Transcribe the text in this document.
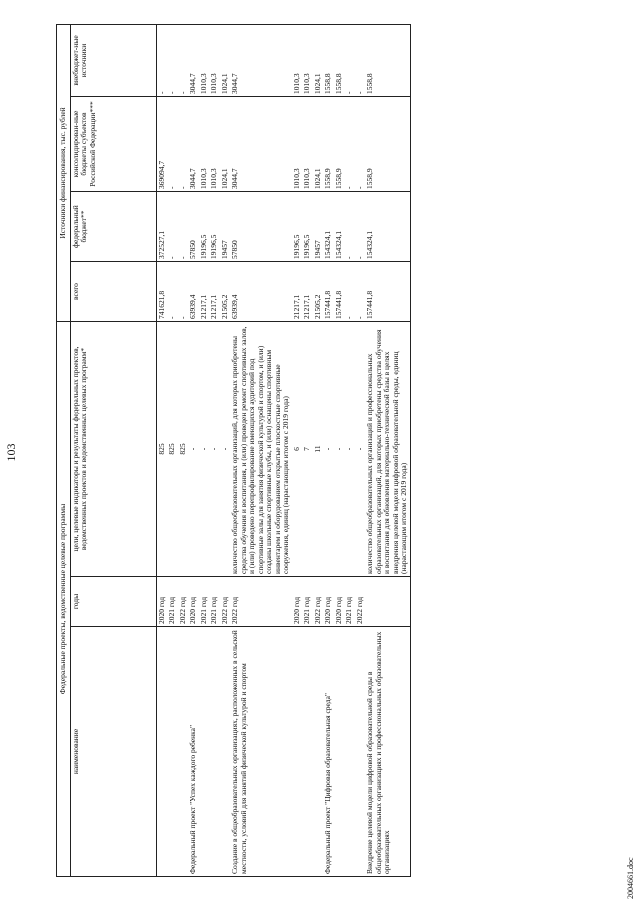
103
Федеральные проекты, ведомственные целевые программы			Источники финансирования, тыс. рублей			
наименование	годы	цели, целевые индикаторы и результаты федеральных проектов, ведомственных проектов и ведомственных целевых программ*	всего	федеральный бюджет**	консолидирован-ные бюджеты субъектов Российской Федерации***	внебюджет-ные источники
	2020 год	825	741621,8	372527,1	369094,7	-
	2021 год	825	-	-	-	-
	2022 год	825	-	-	-	-
Федеральный проект "Успех каждого ребенка"	2020 год	-	63939,4	57850	3044,7	3044,7
	2021 год	-	21217,1	19196,5	1010,3	1010,3
	2021 год	-	21217,1	19196,5	1010,3	1010,3
	2022 год	-	21505,2	19457	1024,1	1024,1
Создание в общеобразовательных организациях, расположенных в сельской местности, условий для занятий физической культурой и спортом	2022 год	количество общеобразовательных организаций, для которых приобретены средства обучения и воспитания, и (или) проведен ремонт спортивных залов, и (или) проведено перепрофилирование имеющихся аудиторий под спортивные залы для занятия физической культурой и спортом, и (или) созданы школьные спортивные клубы, и (или) оснащены спортивным инвентарем и оборудованием открытые плоскостные спортивные сооружения, единиц (нарастающим итогом с 2019 года)	63939,4	57850	3044,7	3044,7
	2020 год	6	21217,1	19196,5	1010,3	1010,3
	2021 год	7	21217,1	19196,5	1010,3	1010,3
	2022 год	11	21505,2	19457	1024,1	1024,1
Федеральный проект "Цифровая образовательная среда"	2020 год	-	157441,8	154324,1	1558,9	1558,8
	2020 год	-	157441,8	154324,1	1558,9	1558,8
	2021 год	-	-	-	-	-
	2022 год	-	-	-	-	-
Внедрение целевой модели цифровой образовательной среды в общеобразовательных организациях и профессиональных образовательных организациях		количество общеобразовательных организаций и профессиональных образовательных организаций, для которых приобретены средства обучения и воспитания для обновления материально-технической базы в целях внедрения целевой модели цифровой образовательной среды, единиц (нарастающим итогом с 2019 года)	157441,8	154324,1	1558,9	1558,8
2004661.doc
